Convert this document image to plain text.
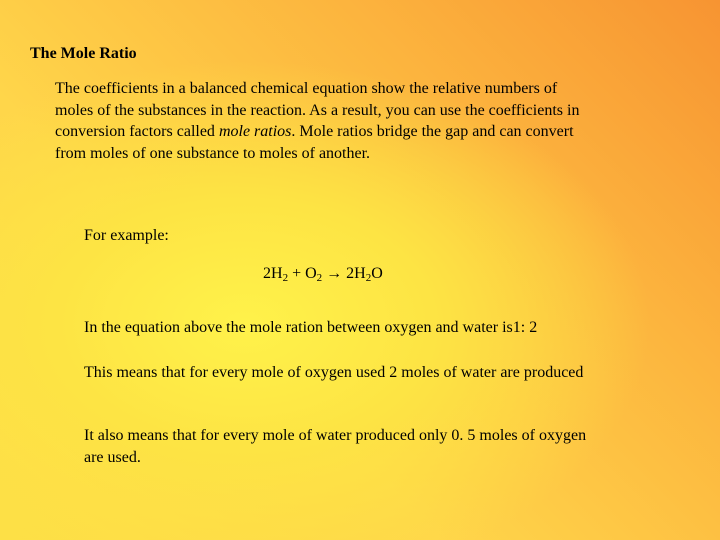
The Mole Ratio

The coefficients in a balanced chemical equation show the relative numbers of moles of the substances in the reaction. As a result, you can use the coefficients in conversion factors called mole ratios. Mole ratios bridge the gap and can convert from moles of one substance to moles of another.

For example:
$2H_2 + O_2 \to 2H_2O$

In the equation above the mole ration between oxygen and water is1: 2

This means that for every mole of oxygen used 2 moles of water are produced

It also means that for every mole of water produced only 0. 5 moles of oxygen are used.
